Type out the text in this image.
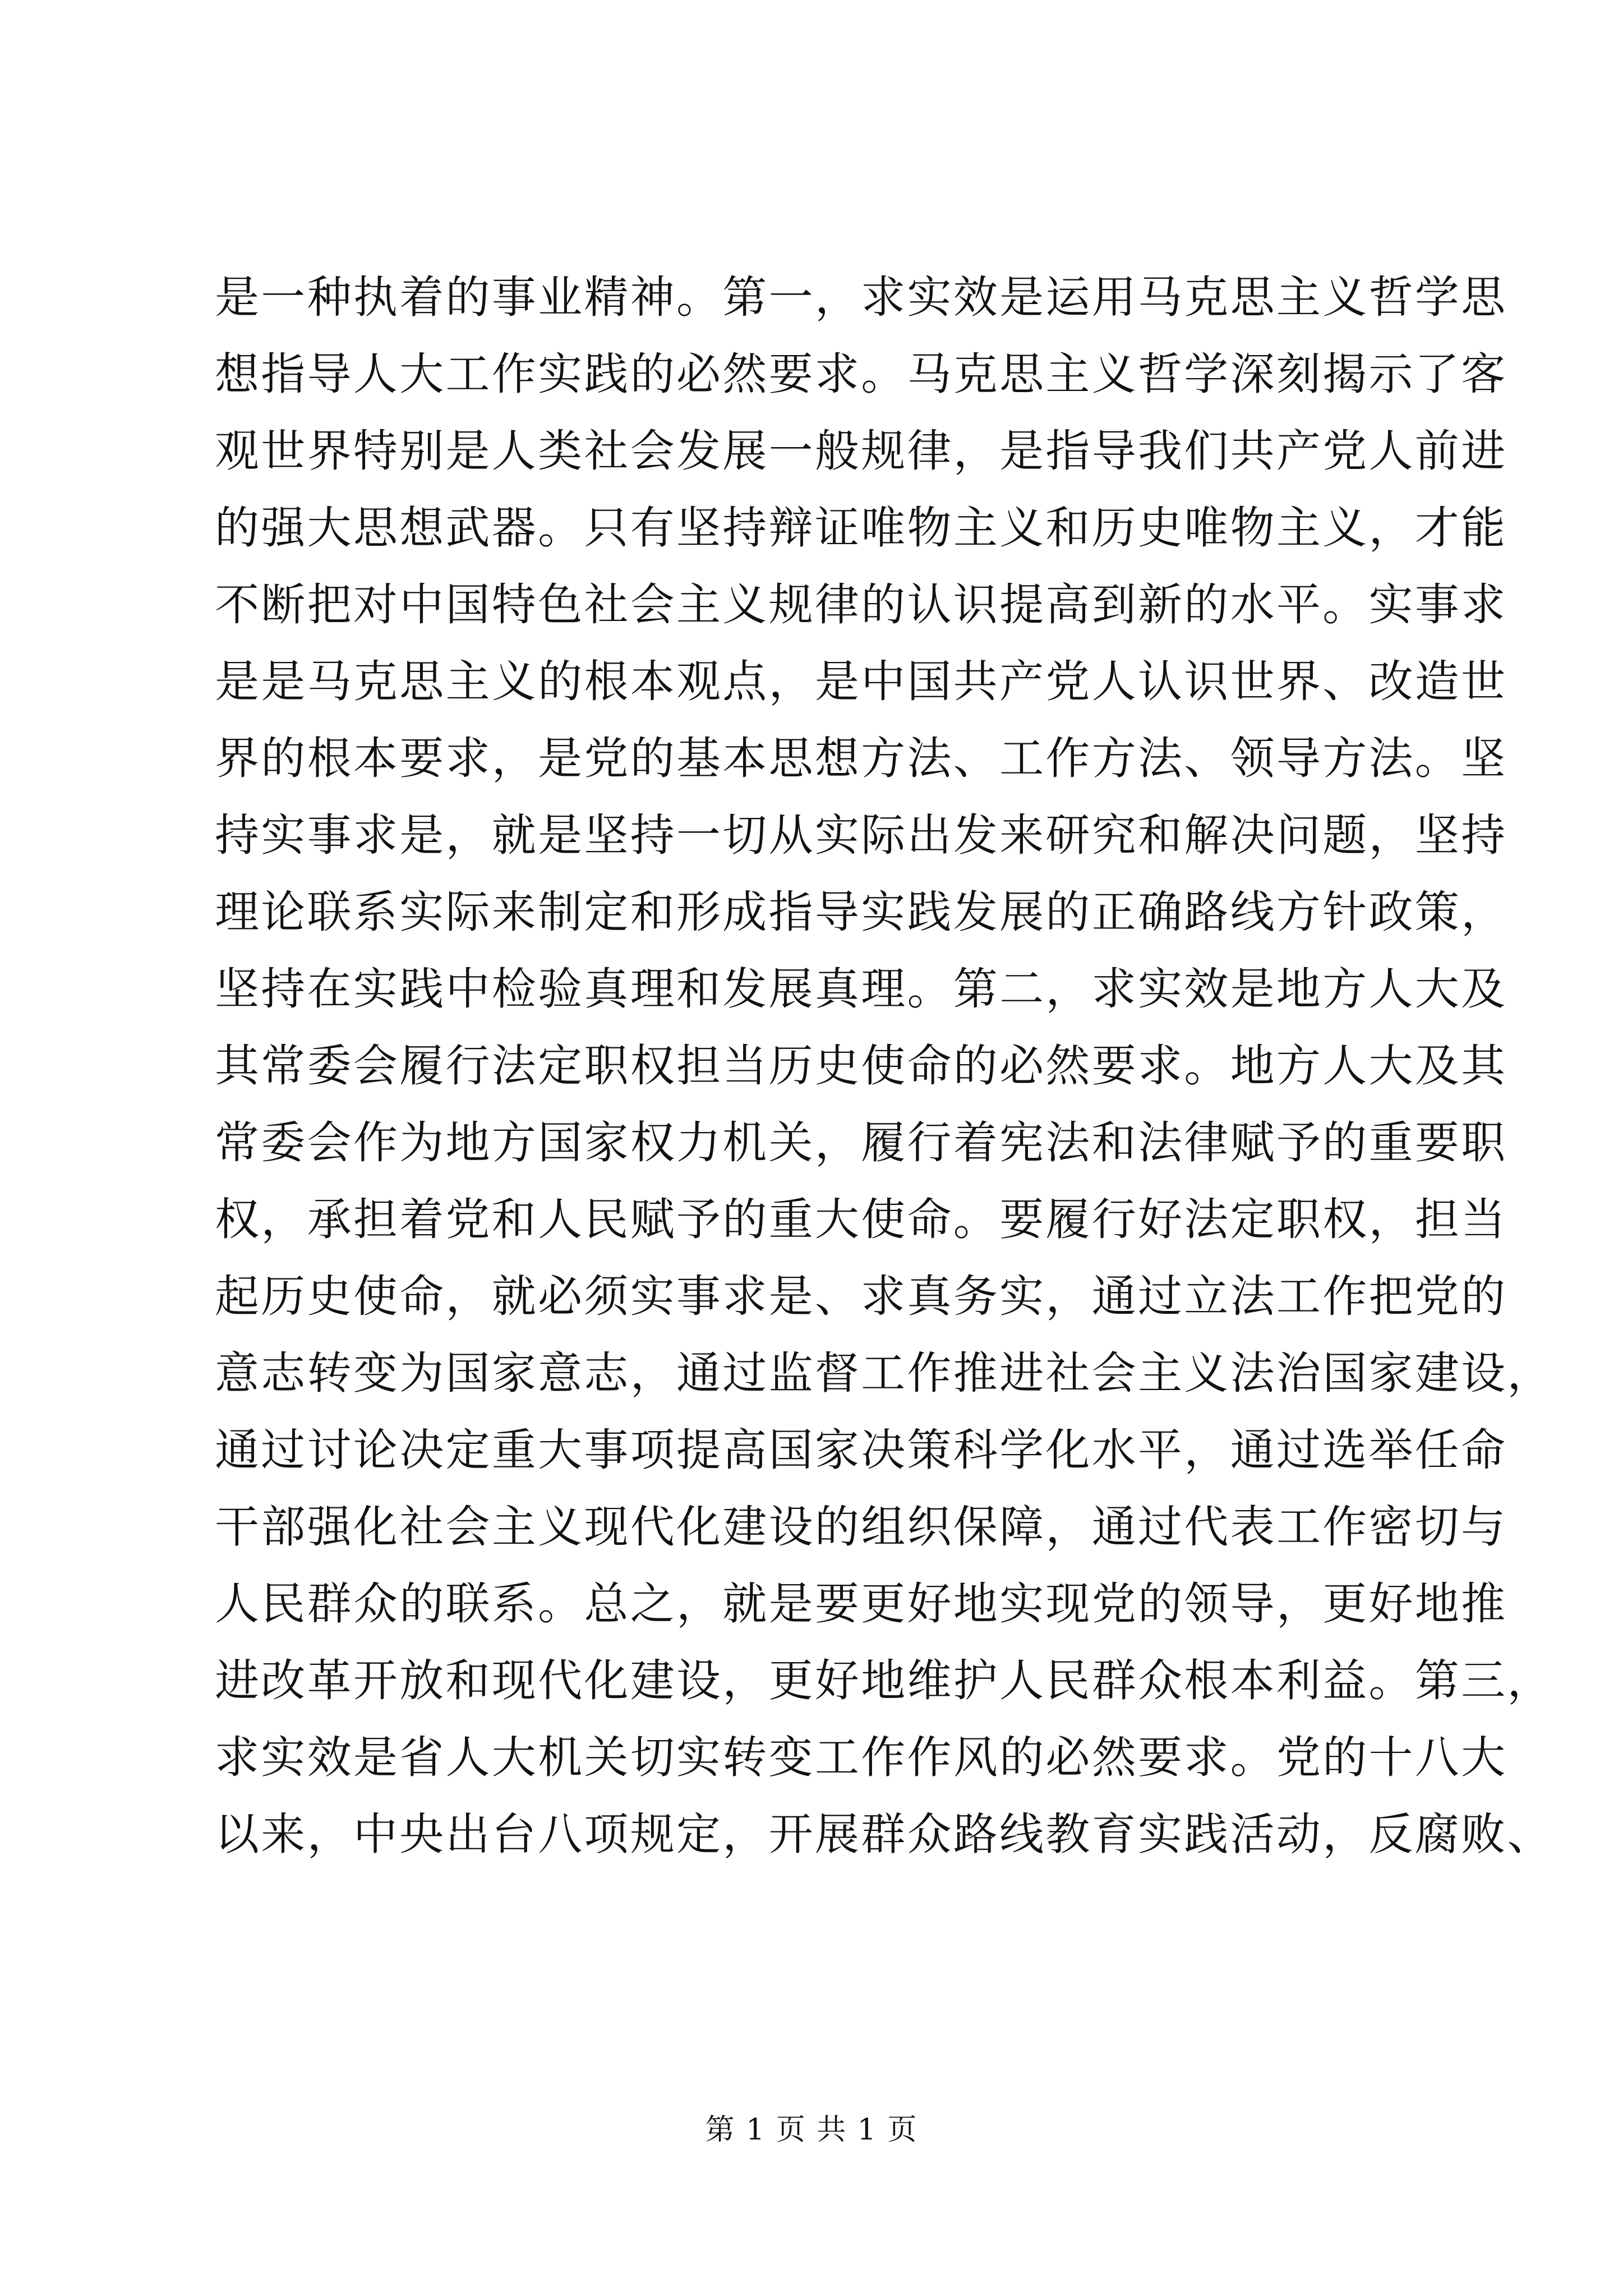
是一种执着的事业精神。第一，求实效是运用马克思主义哲学思
想指导人大工作实践的必然要求。马克思主义哲学深刻揭示了客
观世界特别是人类社会发展一般规律，是指导我们共产党人前进
的强大思想武器。只有坚持辩证唯物主义和历史唯物主义，才能
不断把对中国特色社会主义规律的认识提高到新的水平。实事求
是是马克思主义的根本观点，是中国共产党人认识世界、改造世
界的根本要求，是党的基本思想方法、工作方法、领导方法。坚
持实事求是，就是坚持一切从实际出发来研究和解决问题，坚持
理论联系实际来制定和形成指导实践发展的正确路线方针政策，
坚持在实践中检验真理和发展真理。第二，求实效是地方人大及
其常委会履行法定职权担当历史使命的必然要求。地方人大及其
常委会作为地方国家权力机关，履行着宪法和法律赋予的重要职
权，承担着党和人民赋予的重大使命。要履行好法定职权，担当
起历史使命，就必须实事求是、求真务实，通过立法工作把党的
意志转变为国家意志，通过监督工作推进社会主义法治国家建设，
通过讨论决定重大事项提高国家决策科学化水平，通过选举任命
干部强化社会主义现代化建设的组织保障，通过代表工作密切与
人民群众的联系。总之，就是要更好地实现党的领导，更好地推
进改革开放和现代化建设，更好地维护人民群众根本利益。第三，
求实效是省人大机关切实转变工作作风的必然要求。党的十八大
以来，中央出台八项规定，开展群众路线教育实践活动，反腐败、
第 1 页 共 1 页
